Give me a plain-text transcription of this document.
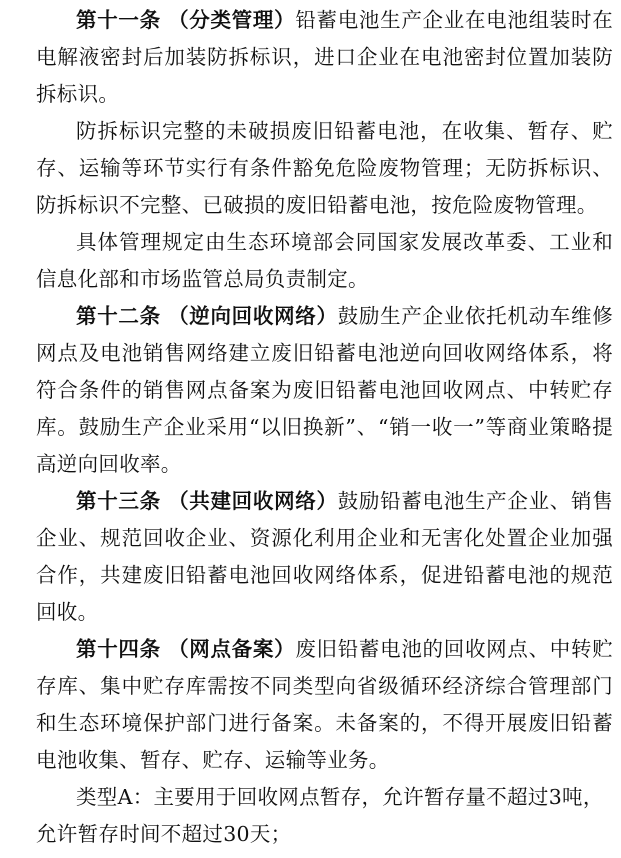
第十一条 （分类管理）铅蓄电池生产企业在电池组装时在电解液密封后加装防拆标识，进口企业在电池密封位置加装防拆标识。

防拆标识完整的未破损废旧铅蓄电池，在收集、暂存、贮存、运输等环节实行有条件豁免危险废物管理；无防拆标识、防拆标识不完整、已破损的废旧铅蓄电池，按危险废物管理。

具体管理规定由生态环境部会同国家发展改革委、工业和信息化部和市场监管总局负责制定。

第十二条 （逆向回收网络）鼓励生产企业依托机动车维修网点及电池销售网络建立废旧铅蓄电池逆向回收网络体系，将符合条件的销售网点备案为废旧铅蓄电池回收网点、中转贮存库。鼓励生产企业采用“以旧换新”、“销一收一”等商业策略提高逆向回收率。

第十三条 （共建回收网络）鼓励铅蓄电池生产企业、销售企业、规范回收企业、资源化利用企业和无害化处置企业加强合作，共建废旧铅蓄电池回收网络体系，促进铅蓄电池的规范回收。

第十四条 （网点备案）废旧铅蓄电池的回收网点、中转贮存库、集中贮存库需按不同类型向省级循环经济综合管理部门和生态环境保护部门进行备案。未备案的，不得开展废旧铅蓄电池收集、暂存、贮存、运输等业务。

类型A：主要用于回收网点暂存，允许暂存量不超过3吨，

允许暂存时间不超过30天；
